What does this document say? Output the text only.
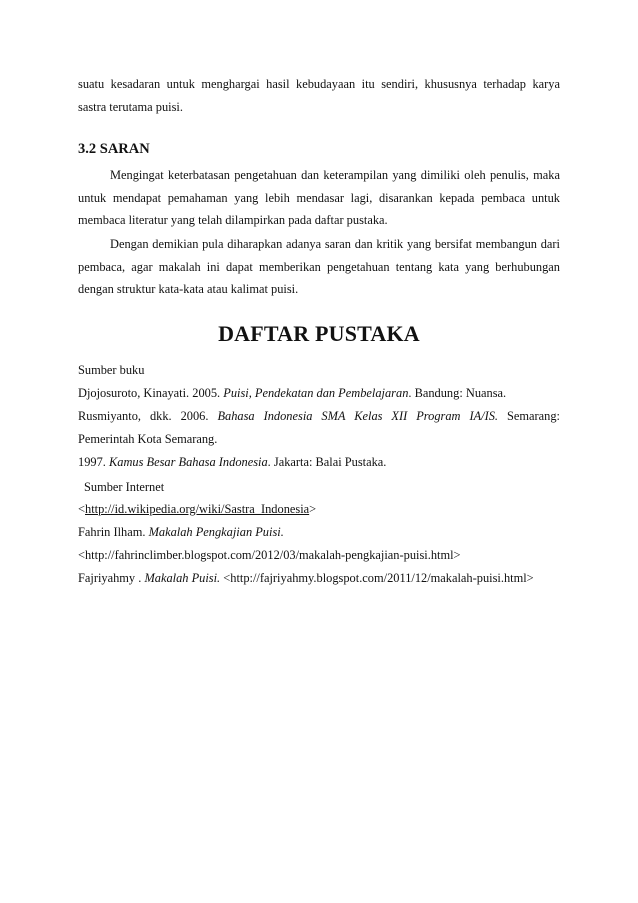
suatu kesadaran untuk menghargai hasil kebudayaan itu sendiri, khususnya terhadap karya

sastra terutama puisi.

3.2 SARAN

Mengingat keterbatasan pengetahuan dan keterampilan yang dimiliki oleh penulis, maka untuk mendapat pemahaman yang lebih mendasar lagi, disarankan kepada pembaca untuk membaca literatur yang telah dilampirkan pada daftar pustaka.

Dengan demikian pula diharapkan adanya saran dan kritik yang bersifat membangun dari pembaca, agar makalah ini dapat memberikan pengetahuan tentang kata yang berhubungan dengan struktur kata-kata atau kalimat puisi.

DAFTAR PUSTAKA

Sumber buku

Djojosuroto, Kinayati. 2005. Puisi, Pendekatan dan Pembelajaran. Bandung: Nuansa.

Rusmiyanto, dkk. 2006. Bahasa Indonesia SMA Kelas XII Program IA/IS. Semarang: Pemerintah Kota Semarang.

1997. Kamus Besar Bahasa Indonesia. Jakarta: Balai Pustaka.

Sumber Internet

<http://id.wikipedia.org/wiki/Sastra_Indonesia>

Fahrin Ilham. Makalah Pengkajian Puisi.

<http://fahrinclimber.blogspot.com/2012/03/makalah-pengkajian-puisi.html>

Fajriyahmy . Makalah Puisi. <http://fajriyahmy.blogspot.com/2011/12/makalah-puisi.html>
